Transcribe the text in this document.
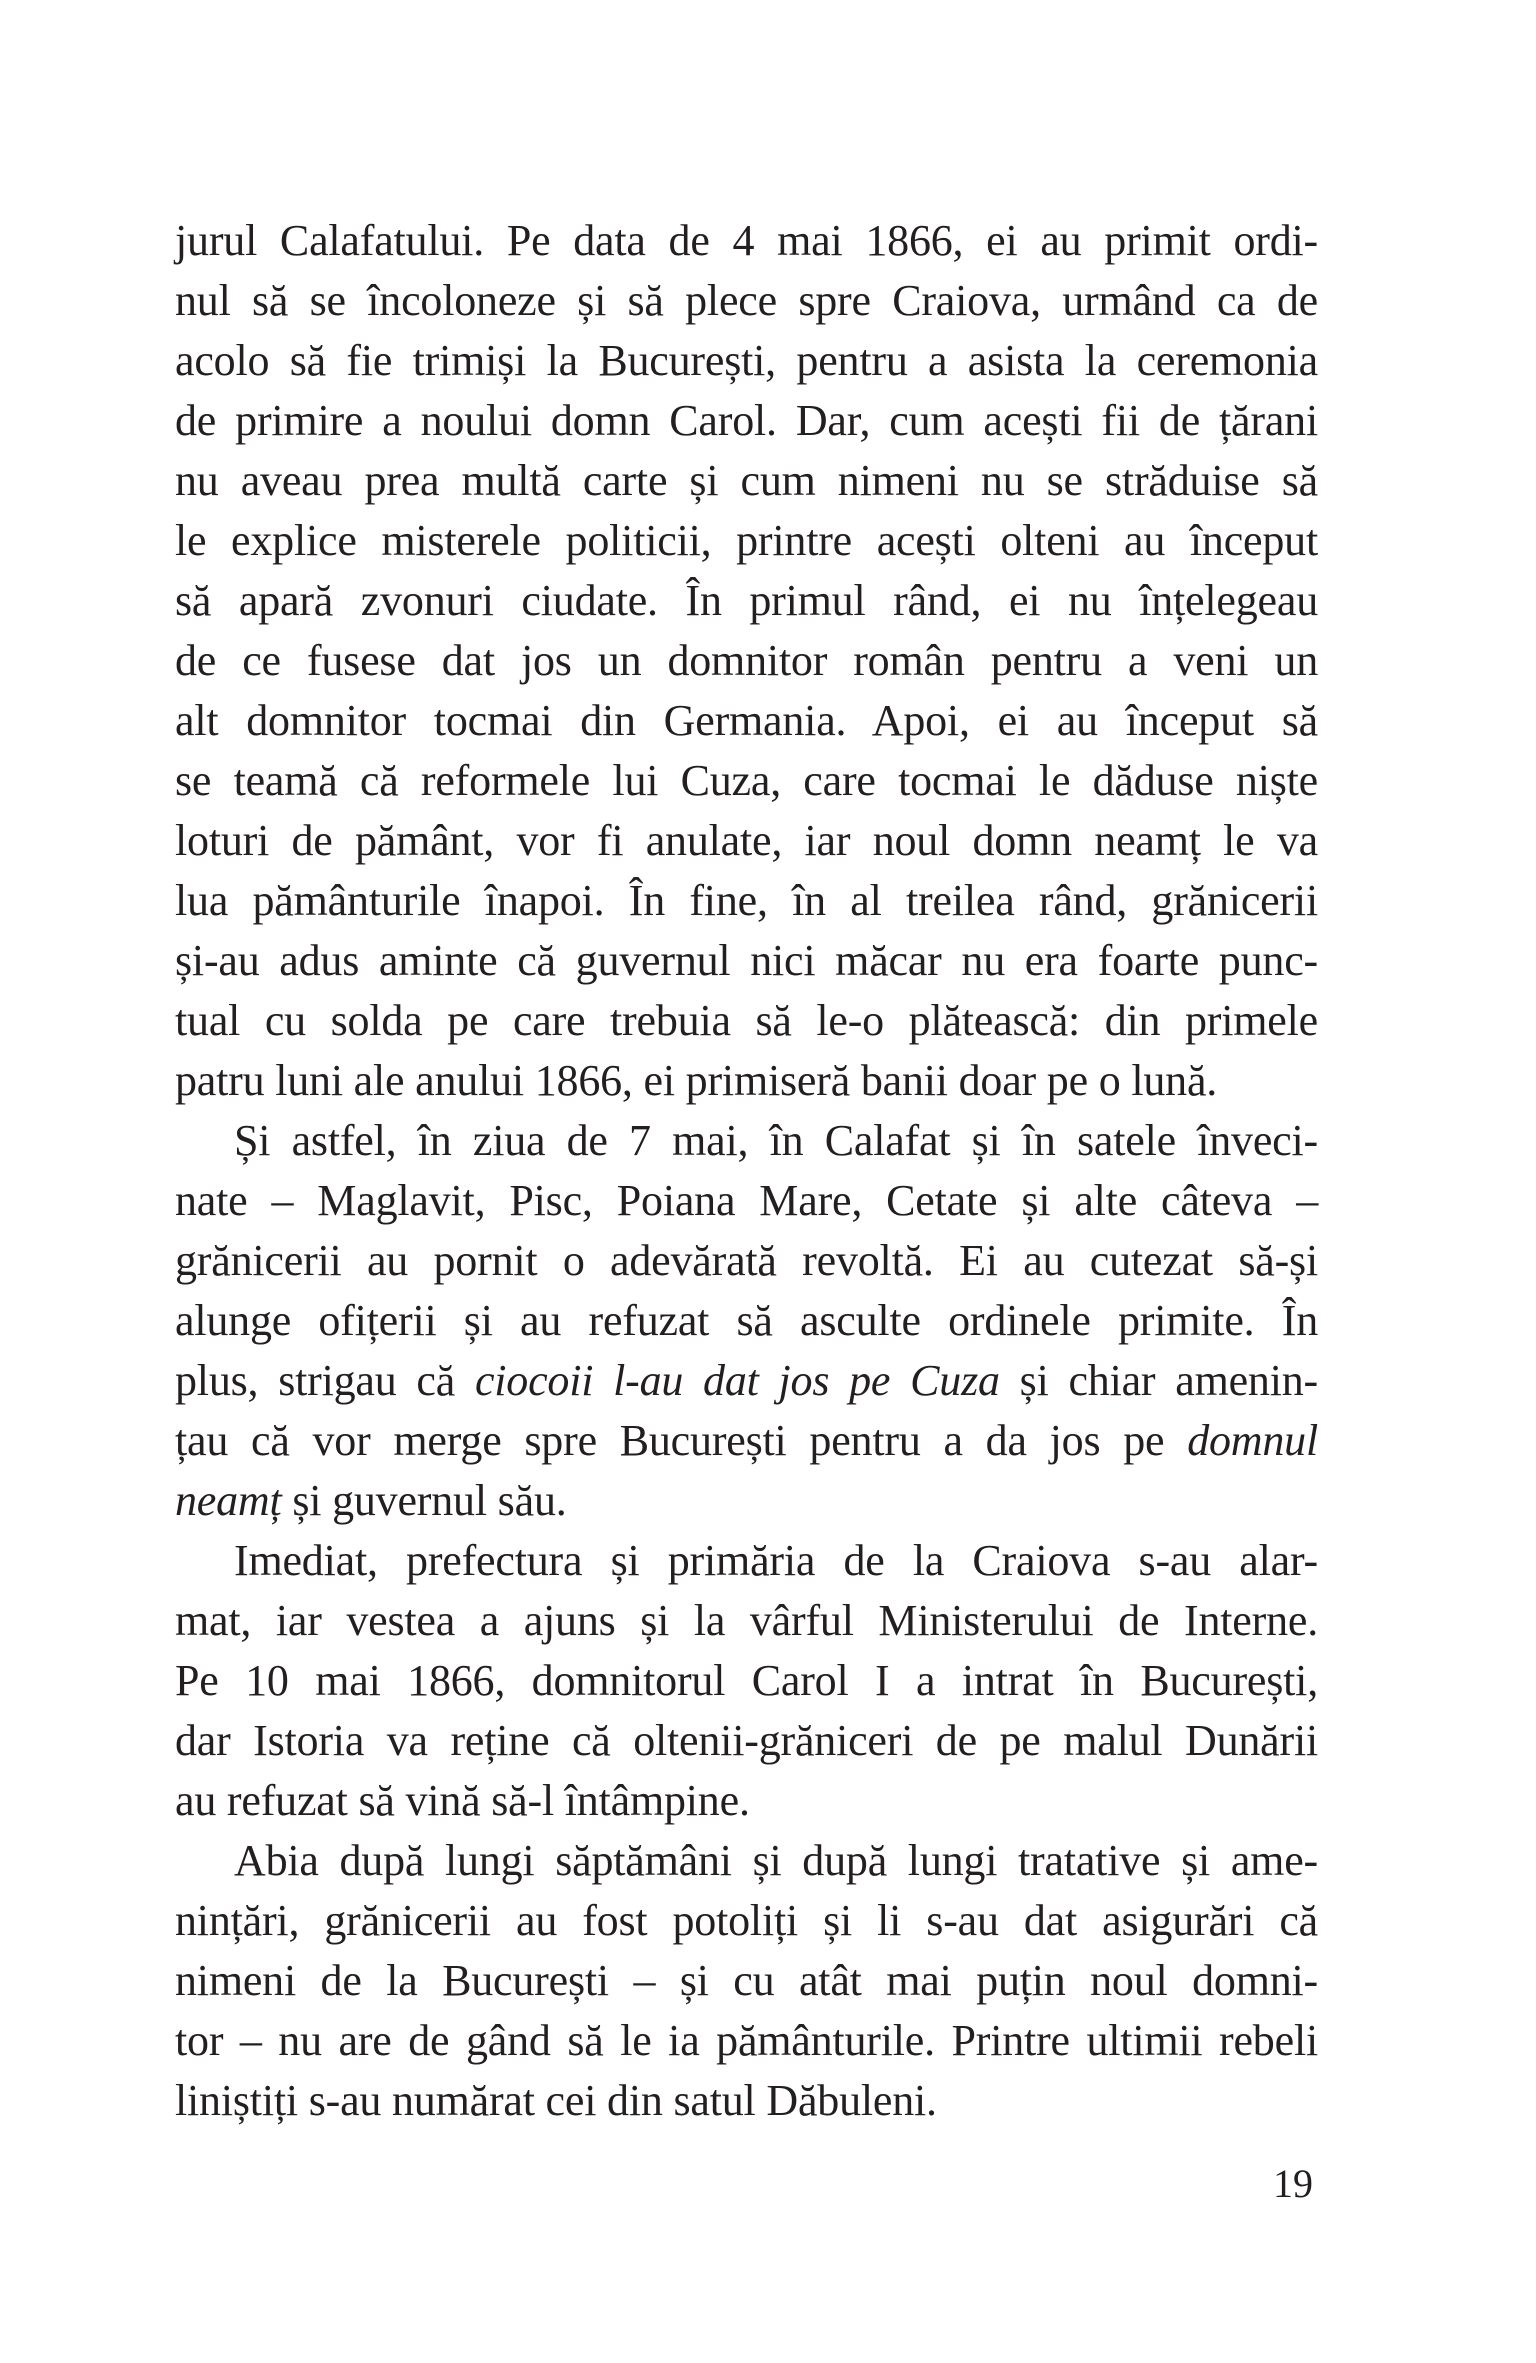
jurul Calafatului. Pe data de 4 mai 1866, ei au primit ordi-
nul să se încoloneze și să plece spre Craiova, urmând ca de
acolo să fie trimiși la București, pentru a asista la ceremonia
de primire a noului domn Carol. Dar, cum acești fii de țărani
nu aveau prea multă carte și cum nimeni nu se străduise să
le explice misterele politicii, printre acești olteni au început
să apară zvonuri ciudate. În primul rând, ei nu înțelegeau
de ce fusese dat jos un domnitor român pentru a veni un
alt domnitor tocmai din Germania. Apoi, ei au început să
se teamă că reformele lui Cuza, care tocmai le dăduse niște
loturi de pământ, vor fi anulate, iar noul domn neamț le va
lua pământurile înapoi. În fine, în al treilea rând, grănicerii
și-au adus aminte că guvernul nici măcar nu era foarte punc-
tual cu solda pe care trebuia să le-o plătească: din primele
patru luni ale anului 1866, ei primiseră banii doar pe o lună.
Și astfel, în ziua de 7 mai, în Calafat și în satele înveci-
nate – Maglavit, Pisc, Poiana Mare, Cetate și alte câteva –
grănicerii au pornit o adevărată revoltă. Ei au cutezat să-și
alunge ofițerii și au refuzat să asculte ordinele primite. În
plus, strigau că ciocoii l-au dat jos pe Cuza și chiar amenin-
țau că vor merge spre București pentru a da jos pe domnul
neamț și guvernul său.
Imediat, prefectura și primăria de la Craiova s-au alar-
mat, iar vestea a ajuns și la vârful Ministerului de Interne.
Pe 10 mai 1866, domnitorul Carol I a intrat în București,
dar Istoria va reține că oltenii-grăniceri de pe malul Dunării
au refuzat să vină să-l întâmpine.
Abia după lungi săptămâni și după lungi tratative și ame-
nințări, grănicerii au fost potoliți și li s-au dat asigurări că
nimeni de la București – și cu atât mai puțin noul domni-
tor – nu are de gând să le ia pământurile. Printre ultimii rebeli
liniștiți s-au numărat cei din satul Dăbuleni.
19
